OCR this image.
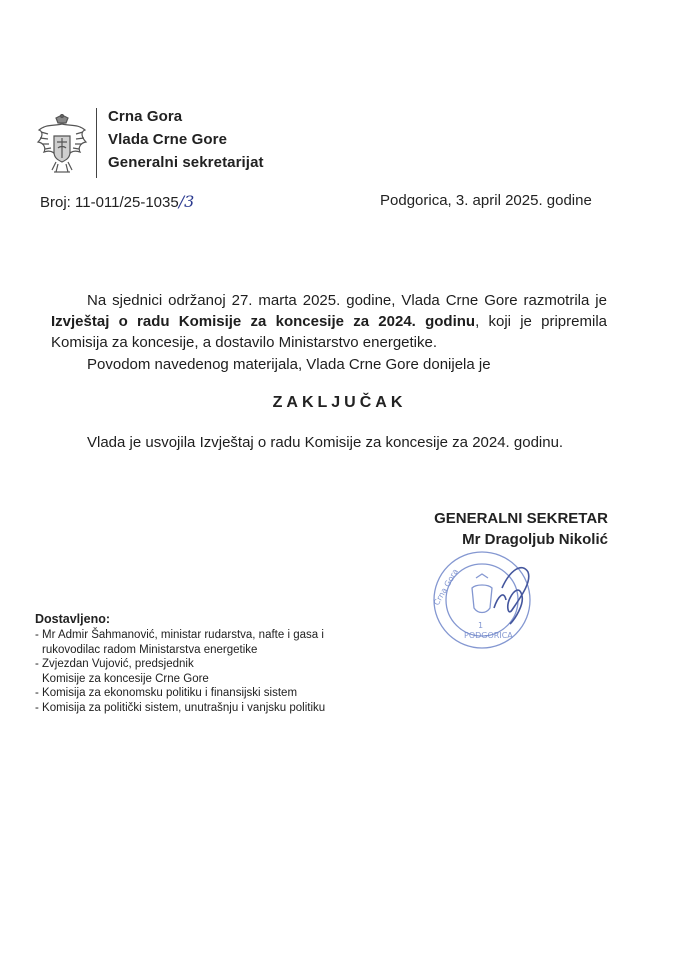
Crna Gora
Vlada Crne Gore
Generalni sekretarijat
Broj: 11-011/25-1035/3	Podgorica, 3. april 2025. godine
Na sjednici održanoj 27. marta 2025. godine, Vlada Crne Gore razmotrila je Izvještaj o radu Komisije za koncesije za 2024. godinu, koji je pripremila Komisija za koncesije, a dostavilo Ministarstvo energetike.
Povodom navedenog materijala, Vlada Crne Gore donijela je
ZAKLJUČAK
Vlada je usvojila Izvještaj o radu Komisije za koncesije za 2024. godinu.
GENERALNI SEKRETAR
Mr Dragoljub Nikolić
Crna Gora
PODGORICA
1
Dostavljeno:
- Mr Admir Šahmanović, ministar rudarstva, nafte i gasa i
rukovodilac radom Ministarstva energetike
- Zvjezdan Vujović, predsjednik
Komisije za koncesije Crne Gore
- Komisija za ekonomsku politiku i finansijski sistem
- Komisija za politički sistem, unutrašnju i vanjsku politiku
